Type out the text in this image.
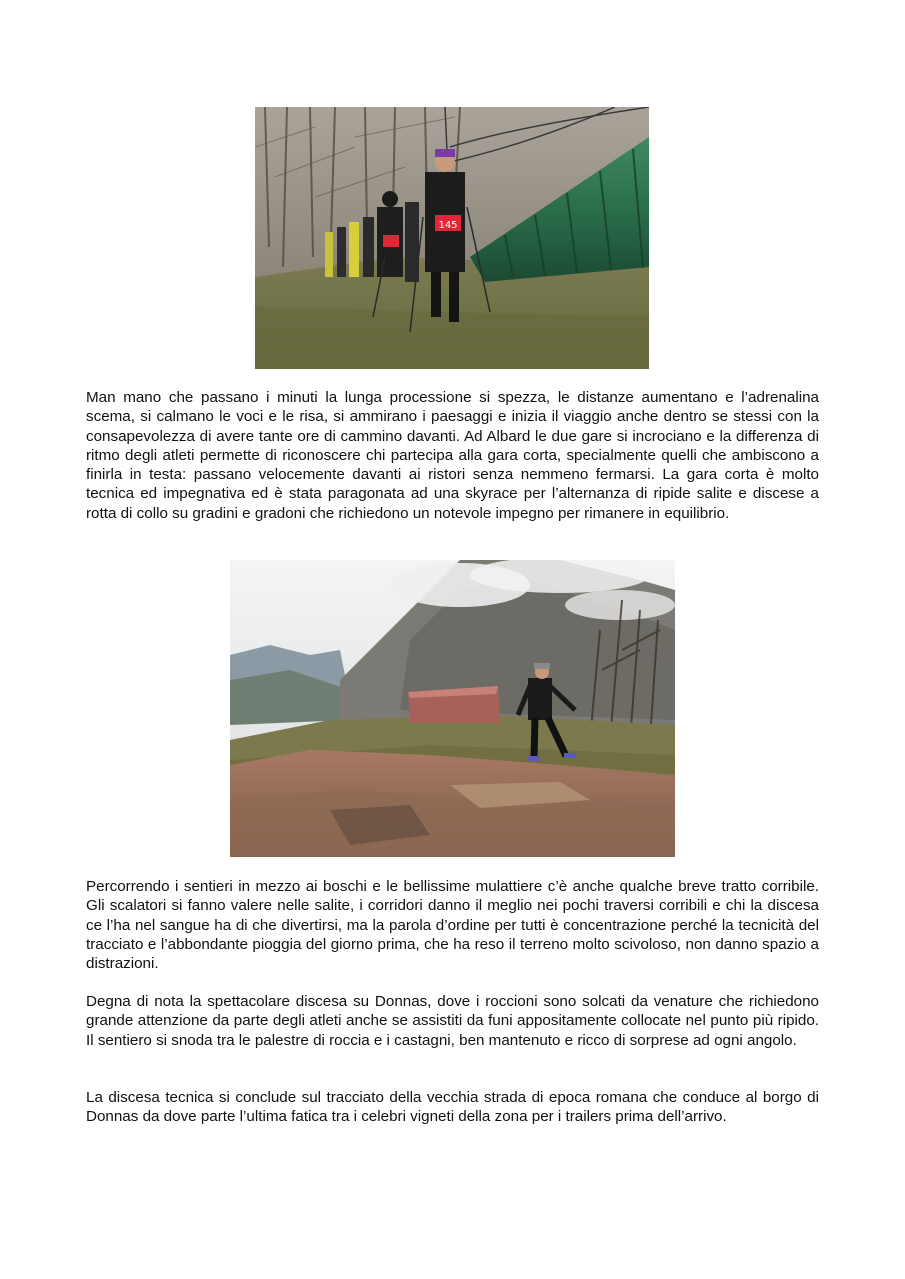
145

Man mano che passano i minuti la lunga processione si spezza, le distanze aumentano e l’adrenalina scema, si calmano le voci e le risa, si ammirano i paesaggi e inizia il viaggio anche dentro se stessi con la consapevolezza di avere tante ore di cammino davanti. Ad Albard le due gare si incrociano e la differenza di ritmo degli atleti permette di riconoscere chi partecipa alla gara corta, specialmente quelli che ambiscono a finirla in testa: passano velocemente davanti ai ristori senza nemmeno fermarsi. La gara corta è molto tecnica ed impegnativa ed è stata paragonata ad una skyrace per l’alternanza di ripide salite e discese a rotta di collo su gradini e gradoni che richiedono un notevole impegno per rimanere in equilibrio.

Percorrendo i sentieri in mezzo ai boschi e le bellissime mulattiere c’è anche qualche breve tratto corribile. Gli scalatori si fanno valere nelle salite, i corridori danno il meglio nei pochi traversi corribili e chi la discesa ce l’ha nel sangue ha di che divertirsi, ma la parola d’ordine per tutti è concentrazione perché la tecnicità del tracciato e l’abbondante pioggia del giorno prima, che ha reso il terreno molto scivoloso, non danno spazio a distrazioni.

Degna di nota la spettacolare discesa su Donnas, dove i roccioni sono solcati da venature che richiedono grande attenzione da parte degli atleti anche se assistiti da funi appositamente collocate nel punto più ripido. Il sentiero si snoda tra le palestre di roccia e i castagni, ben mantenuto e ricco di sorprese ad ogni angolo.

La discesa tecnica si conclude sul tracciato della vecchia strada di epoca romana che conduce al borgo di Donnas da dove parte l’ultima fatica tra i celebri vigneti della zona per i trailers prima dell’arrivo.
